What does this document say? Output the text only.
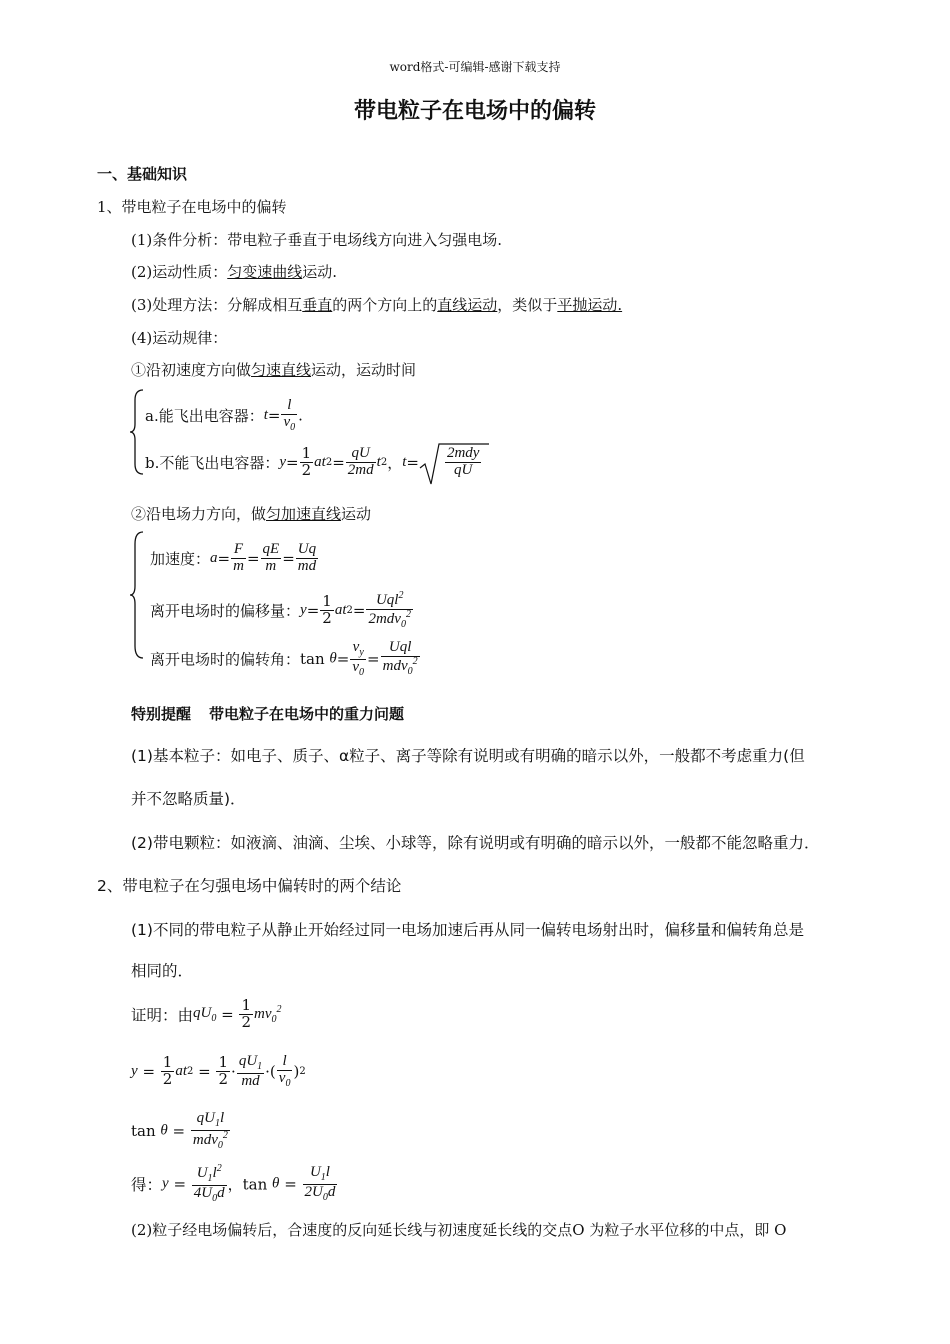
word格式-可编辑-感谢下载支持
带电粒子在电场中的偏转
一、基础知识
1、带电粒子在电场中的偏转
(1)条件分析：带电粒子垂直于电场线方向进入匀强电场.
(2)运动性质：匀变速曲线运动.
(3)处理方法：分解成相互垂直的两个方向上的直线运动，类似于平抛运动.
(4)运动规律：
①沿初速度方向做匀速直线运动，运动时间
a.能飞出电容器：$t= \frac{l}{v_0}$ .
b.不能飞出电容器：$y= \frac{1}{2} at2= \frac{qU}{2md} t2$，$t= \frac{\text{2mdy}}{qU}$
②沿电场力方向，做匀加速直线运动
加速度：$a= \frac{F}{m} = \frac{qE}{m} = \frac{Uq}{md}$
离开电场时的偏移量：$y= \frac{1}{2} at2= \frac{Uql^2}{2mdv_0^2}$
离开电场时的偏转角：$\tan \theta= \frac{v_y}{v_0} = \frac{\text{Uql}}{mdv_0^2}$
特别提醒 带电粒子在电场中的重力问题
(1)基本粒子：如电子、质子、α粒子、离子等除有说明或有明确的暗示以外，一般都不考虑重力(但
并不忽略质量)．
(2)带电颗粒：如液滴、油滴、尘埃、小球等，除有说明或有明确的暗示以外，一般都不能忽略重力．
2、带电粒子在匀强电场中偏转时的两个结论
(1)不同的带电粒子从静止开始经过同一电场加速后再从同一偏转电场射出时，偏移量和偏转角总是
相同的．
证明：由$qU_0 = \frac{1}{2} mv_0^2$
$y = \frac{1}{2} at2 = \frac{1}{2} \cdot \frac{qU_1}{md}$ ·( $\frac{l}{v_0} )2$
$\tan \theta = \frac{qU_1l}{mdv_0^2}$
得：$y = \frac{U_1l^2}{4U_0d}$ ，$\tan \theta = \frac{U_1l}{2U_0d}$
(2)粒子经电场偏转后，合速度的反向延长线与初速度延长线的交点O 为粒子水平位移的中点，即 O
